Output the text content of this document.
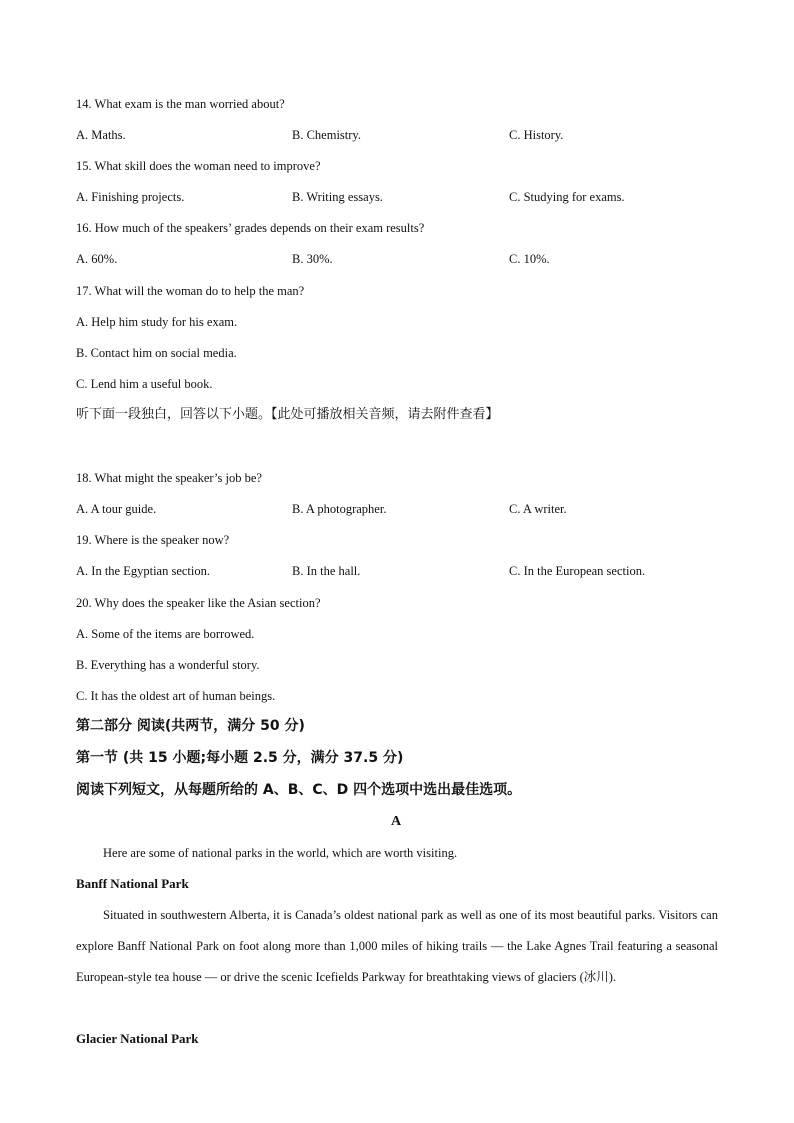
14. What exam is the man worried about?
A. Maths.	B. Chemistry.	C. History.
15. What skill does the woman need to improve?
A. Finishing projects.	B. Writing essays.	C. Studying for exams.
16. How much of the speakers’ grades depends on their exam results?
A. 60%.	B. 30%.	C. 10%.
17. What will the woman do to help the man?
A. Help him study for his exam.
B. Contact him on social media.
C. Lend him a useful book.
听下面一段独白，回答以下小题。【此处可播放相关音频，请去附件查看】
18. What might the speaker’s job be?
A. A tour guide.	B. A photographer.	C. A writer.
19. Where is the speaker now?
A. In the Egyptian section.	B. In the hall.	C. In the European section.
20. Why does the speaker like the Asian section?
A. Some of the items are borrowed.
B. Everything has a wonderful story.
C. It has the oldest art of human beings.
第二部分 阅读(共两节，满分 50 分)
第一节 (共 15 小题;每小题 2.5 分，满分 37.5 分)
阅读下列短文，从每题所给的 A、B、C、D 四个选项中选出最佳选项。
A
Here are some of national parks in the world, which are worth visiting.
Banff National Park
Situated in southwestern Alberta, it is Canada’s oldest national park as well as one of its most beautiful parks. Visitors can explore Banff National Park on foot along more than 1,000 miles of hiking trails — the Lake Agnes Trail featuring a seasonal European-style tea house — or drive the scenic Icefields Parkway for breathtaking views of glaciers (冰川).
Glacier National Park
